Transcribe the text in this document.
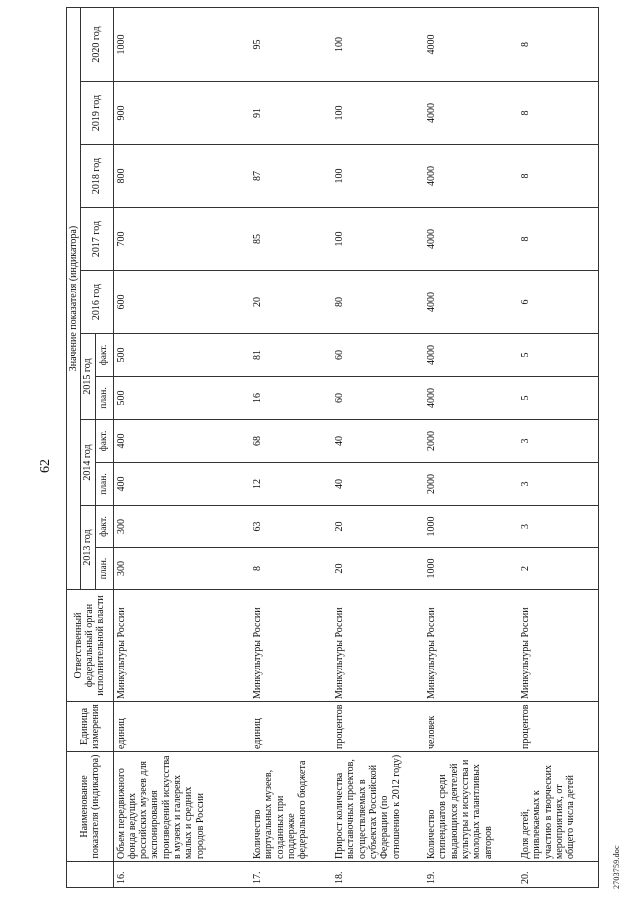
62
	Наименование показателя (индикатора)	Единица измерения	Ответственный федеральный орган исполнительной власти	Значение показателя (индикатора)										
				2013 год		2014 год		2015 год		2016 год	2017 год	2018 год	2019 год	2020 год
				план.	факт.	план.	факт.	план.	факт.					
16.	Объем передвижного фонда ведущих российских музеев для экспонирования произведений искусства в музеях и галереях малых и средних городов России	единиц	Минкультуры России	300	300	400	400	500	500	600	700	800	900	1000
17.	Количество виртуальных музеев, созданных при поддержке федерального бюджета	единиц	Минкультуры России	8	63	12	68	16	81	20	85	87	91	95
18.	Прирост количества выставочных проектов, осуществляемых в субъектах Российской Федерации (по отношению к 2012 году)	процентов	Минкультуры России	20	20	40	40	60	60	80	100	100	100	100
19.	Количество стипендиатов среди выдающихся деятелей культуры и искусства и молодых талантливых авторов	человек	Минкультуры России	1000	1000	2000	2000	4000	4000	4000	4000	4000	4000	4000
20.	Доля детей, привлекаемых к участию в творческих мероприятиях, от общего числа детей	процентов	Минкультуры России	2	3	3	3	5	5	6	8	8	8	8
2703759.doc
